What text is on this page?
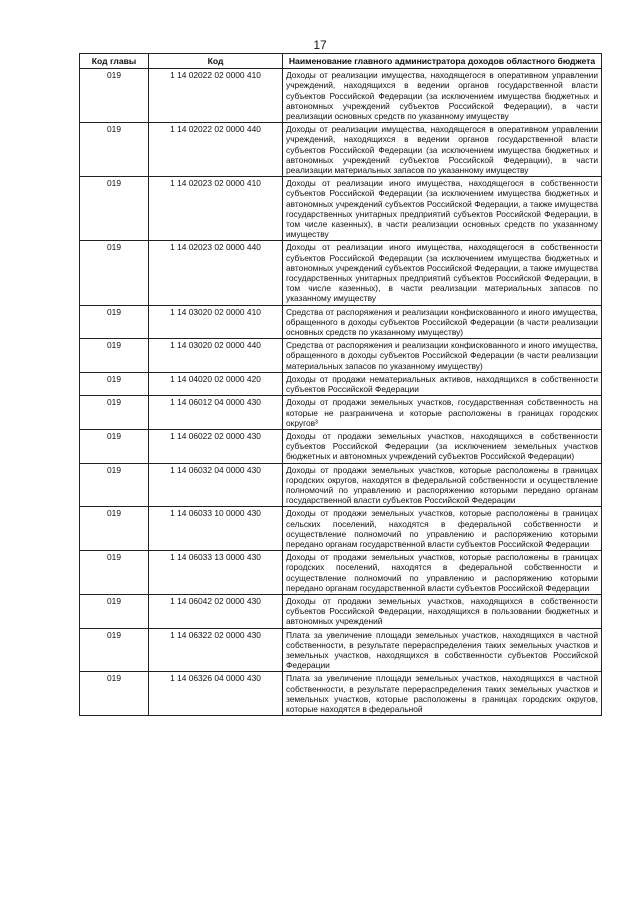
17
Код главы	Код	Наименование главного администратора доходов областного бюджета
019	1 14 02022 02 0000 410	Доходы от реализации имущества, находящегося в оперативном управлении учреждений, находящихся в ведении органов государственной власти субъектов Российской Федерации (за исключением имущества бюджетных и автономных учреждений субъектов Российской Федерации), в части реализации основных средств по указанному имуществу
019	1 14 02022 02 0000 440	Доходы от реализации имущества, находящегося в оперативном управлении учреждений, находящихся в ведении органов государственной власти субъектов Российской Федерации (за исключением имущества бюджетных и автономных учреждений субъектов Российской Федерации), в части реализации материальных запасов по указанному имуществу
019	1 14 02023 02 0000 410	Доходы от реализации иного имущества, находящегося в собственности субъектов Российской Федерации (за исключением имущества бюджетных и автономных учреждений субъектов Российской Федерации, а также имущества государственных унитарных предприятий субъектов Российской Федерации, в том числе казенных), в части реализации основных средств по указанному имуществу
019	1 14 02023 02 0000 440	Доходы от реализации иного имущества, находящегося в собственности субъектов Российской Федерации (за исключением имущества бюджетных и автономных учреждений субъектов Российской Федерации, а также имущества государственных унитарных предприятий субъектов Российской Федерации, в том числе казенных), в части реализации материальных запасов по указанному имуществу
019	1 14 03020 02 0000 410	Средства от распоряжения и реализации конфискованного и иного имущества, обращенного в доходы субъектов Российской Федерации (в части реализации основных средств по указанному имуществу)
019	1 14 03020 02 0000 440	Средства от распоряжения и реализации конфискованного и иного имущества, обращенного в доходы субъектов Российской Федерации (в части реализации материальных запасов по указанному имуществу)
019	1 14 04020 02 0000 420	Доходы от продажи нематериальных активов, находящихся в собственности субъектов Российской Федерации
019	1 14 06012 04 0000 430	Доходы от продажи земельных участков, государственная собственность на которые не разграничена и которые расположены в границах городских округов³
019	1 14 06022 02 0000 430	Доходы от продажи земельных участков, находящихся в собственности субъектов Российской Федерации (за исключением земельных участков бюджетных и автономных учреждений субъектов Российской Федерации)
019	1 14 06032 04 0000 430	Доходы от продажи земельных участков, которые расположены в границах городских округов, находятся в федеральной собственности и осуществление полномочий по управлению и распоряжению которыми передано органам государственной власти субъектов Российской Федерации
019	1 14 06033 10 0000 430	Доходы от продажи земельных участков, которые расположены в границах сельских поселений, находятся в федеральной собственности и осуществление полномочий по управлению и распоряжению которыми передано органам государственной власти субъектов Российской Федерации
019	1 14 06033 13 0000 430	Доходы от продажи земельных участков, которые расположены в границах городских поселений, находятся в федеральной собственности и осуществление полномочий по управлению и распоряжению которыми передано органам государственной власти субъектов Российской Федерации
019	1 14 06042 02 0000 430	Доходы от продажи земельных участков, находящихся в собственности субъектов Российской Федерации, находящихся в пользовании бюджетных и автономных учреждений
019	1 14 06322 02 0000 430	Плата за увеличение площади земельных участков, находящихся в частной собственности, в результате перераспределения таких земельных участков и земельных участков, находящихся в собственности субъектов Российской Федерации
019	1 14 06326 04 0000 430	Плата за увеличение площади земельных участков, находящихся в частной собственности, в результате перераспределения таких земельных участков и земельных участков, которые расположены в границах городских округов, которые находятся в федеральной
